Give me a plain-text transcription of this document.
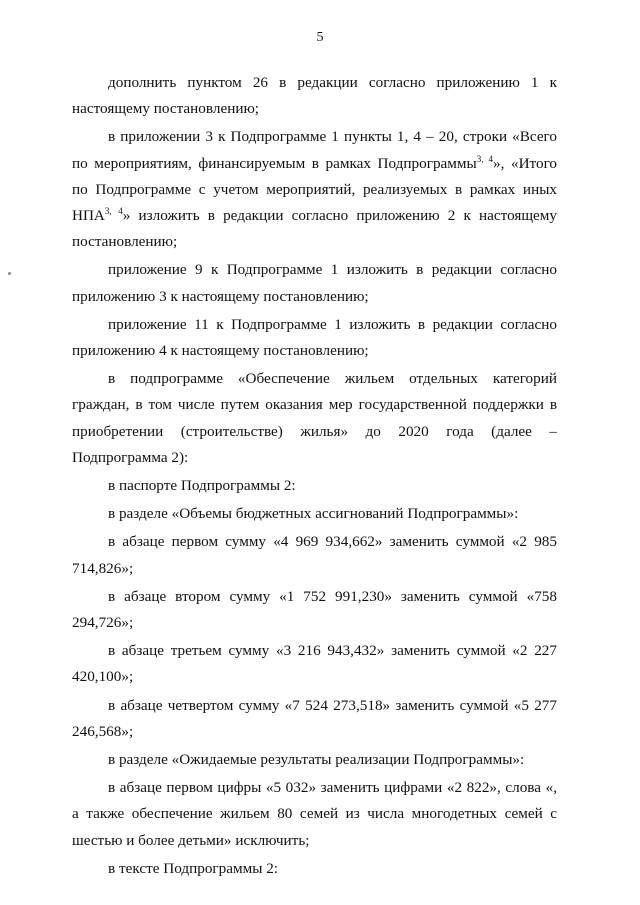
5

дополнить пунктом 26 в редакции согласно приложению 1 к настоящему постановлению;

в приложении 3 к Подпрограмме 1 пункты 1, 4 – 20, строки «Всего по мероприятиям, финансируемым в рамках Подпрограммы$^{3, 4}$», «Итого по Подпрограмме с учетом мероприятий, реализуемых в рамках иных НПА$^{3, 4}$» изложить в редакции согласно приложению 2 к настоящему постановлению;

приложение 9 к Подпрограмме 1 изложить в редакции согласно приложению 3 к настоящему постановлению;

приложение 11 к Подпрограмме 1 изложить в редакции согласно приложению 4 к настоящему постановлению;

в подпрограмме «Обеспечение жильем отдельных категорий граждан, в том числе путем оказания мер государственной поддержки в приобретении (строительстве) жилья» до 2020 года (далее – Подпрограмма 2):

в паспорте Подпрограммы 2:

в разделе «Объемы бюджетных ассигнований Подпрограммы»:

в абзаце первом сумму «4 969 934,662» заменить суммой «2 985 714,826»;

в абзаце втором сумму «1 752 991,230» заменить суммой «758 294,726»;

в абзаце третьем сумму «3 216 943,432» заменить суммой «2 227 420,100»;

в абзаце четвертом сумму «7 524 273,518» заменить суммой «5 277 246,568»;

в разделе «Ожидаемые результаты реализации Подпрограммы»:

в абзаце первом цифры «5 032» заменить цифрами «2 822», слова «, а также обеспечение жильем 80 семей из числа многодетных семей с шестью и более детьми» исключить;

в тексте Подпрограммы 2:
